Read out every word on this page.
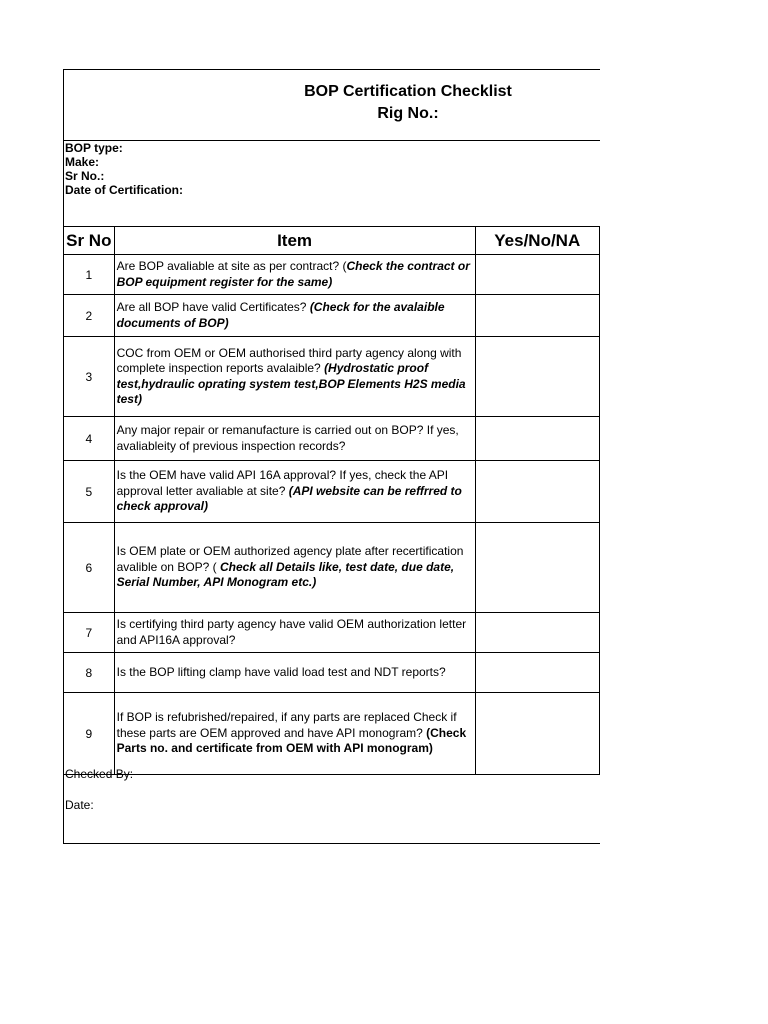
BOP Certification Checklist
Rig No.:
BOP type:
Make:
Sr No.:
Date of Certification:
Sr No	Item	Yes/No/NA
1	Are BOP avaliable at site as per contract? (Check the contract or BOP equipment register for the same)	
2	Are all BOP have valid Certificates? (Check for the avalaible documents of BOP)	
3	COC from OEM or OEM authorised third party agency along with complete inspection reports avalaible? (Hydrostatic proof test,hydraulic oprating system test,BOP Elements H2S media test)	
4	Any major repair or remanufacture is carried out on BOP? If yes, avaliableity of previous inspection records?	
5	Is the OEM have valid API 16A approval? If yes, check the API approval letter avaliable at site? (API website can be reffrred to check approval)	
6	Is OEM plate or OEM authorized agency plate after recertification avalible on BOP? ( Check all Details like, test date, due date, Serial Number, API Monogram etc.)	
7	Is certifying third party agency have valid OEM authorization letter and API16A approval?	
8	Is the BOP lifting clamp have valid load test and NDT reports?	
9	If BOP is refubrished/repaired, if any parts are replaced Check if these parts are OEM approved and have API monogram? (Check Parts no. and certificate from OEM with API monogram)	
Checked By:
Date:
